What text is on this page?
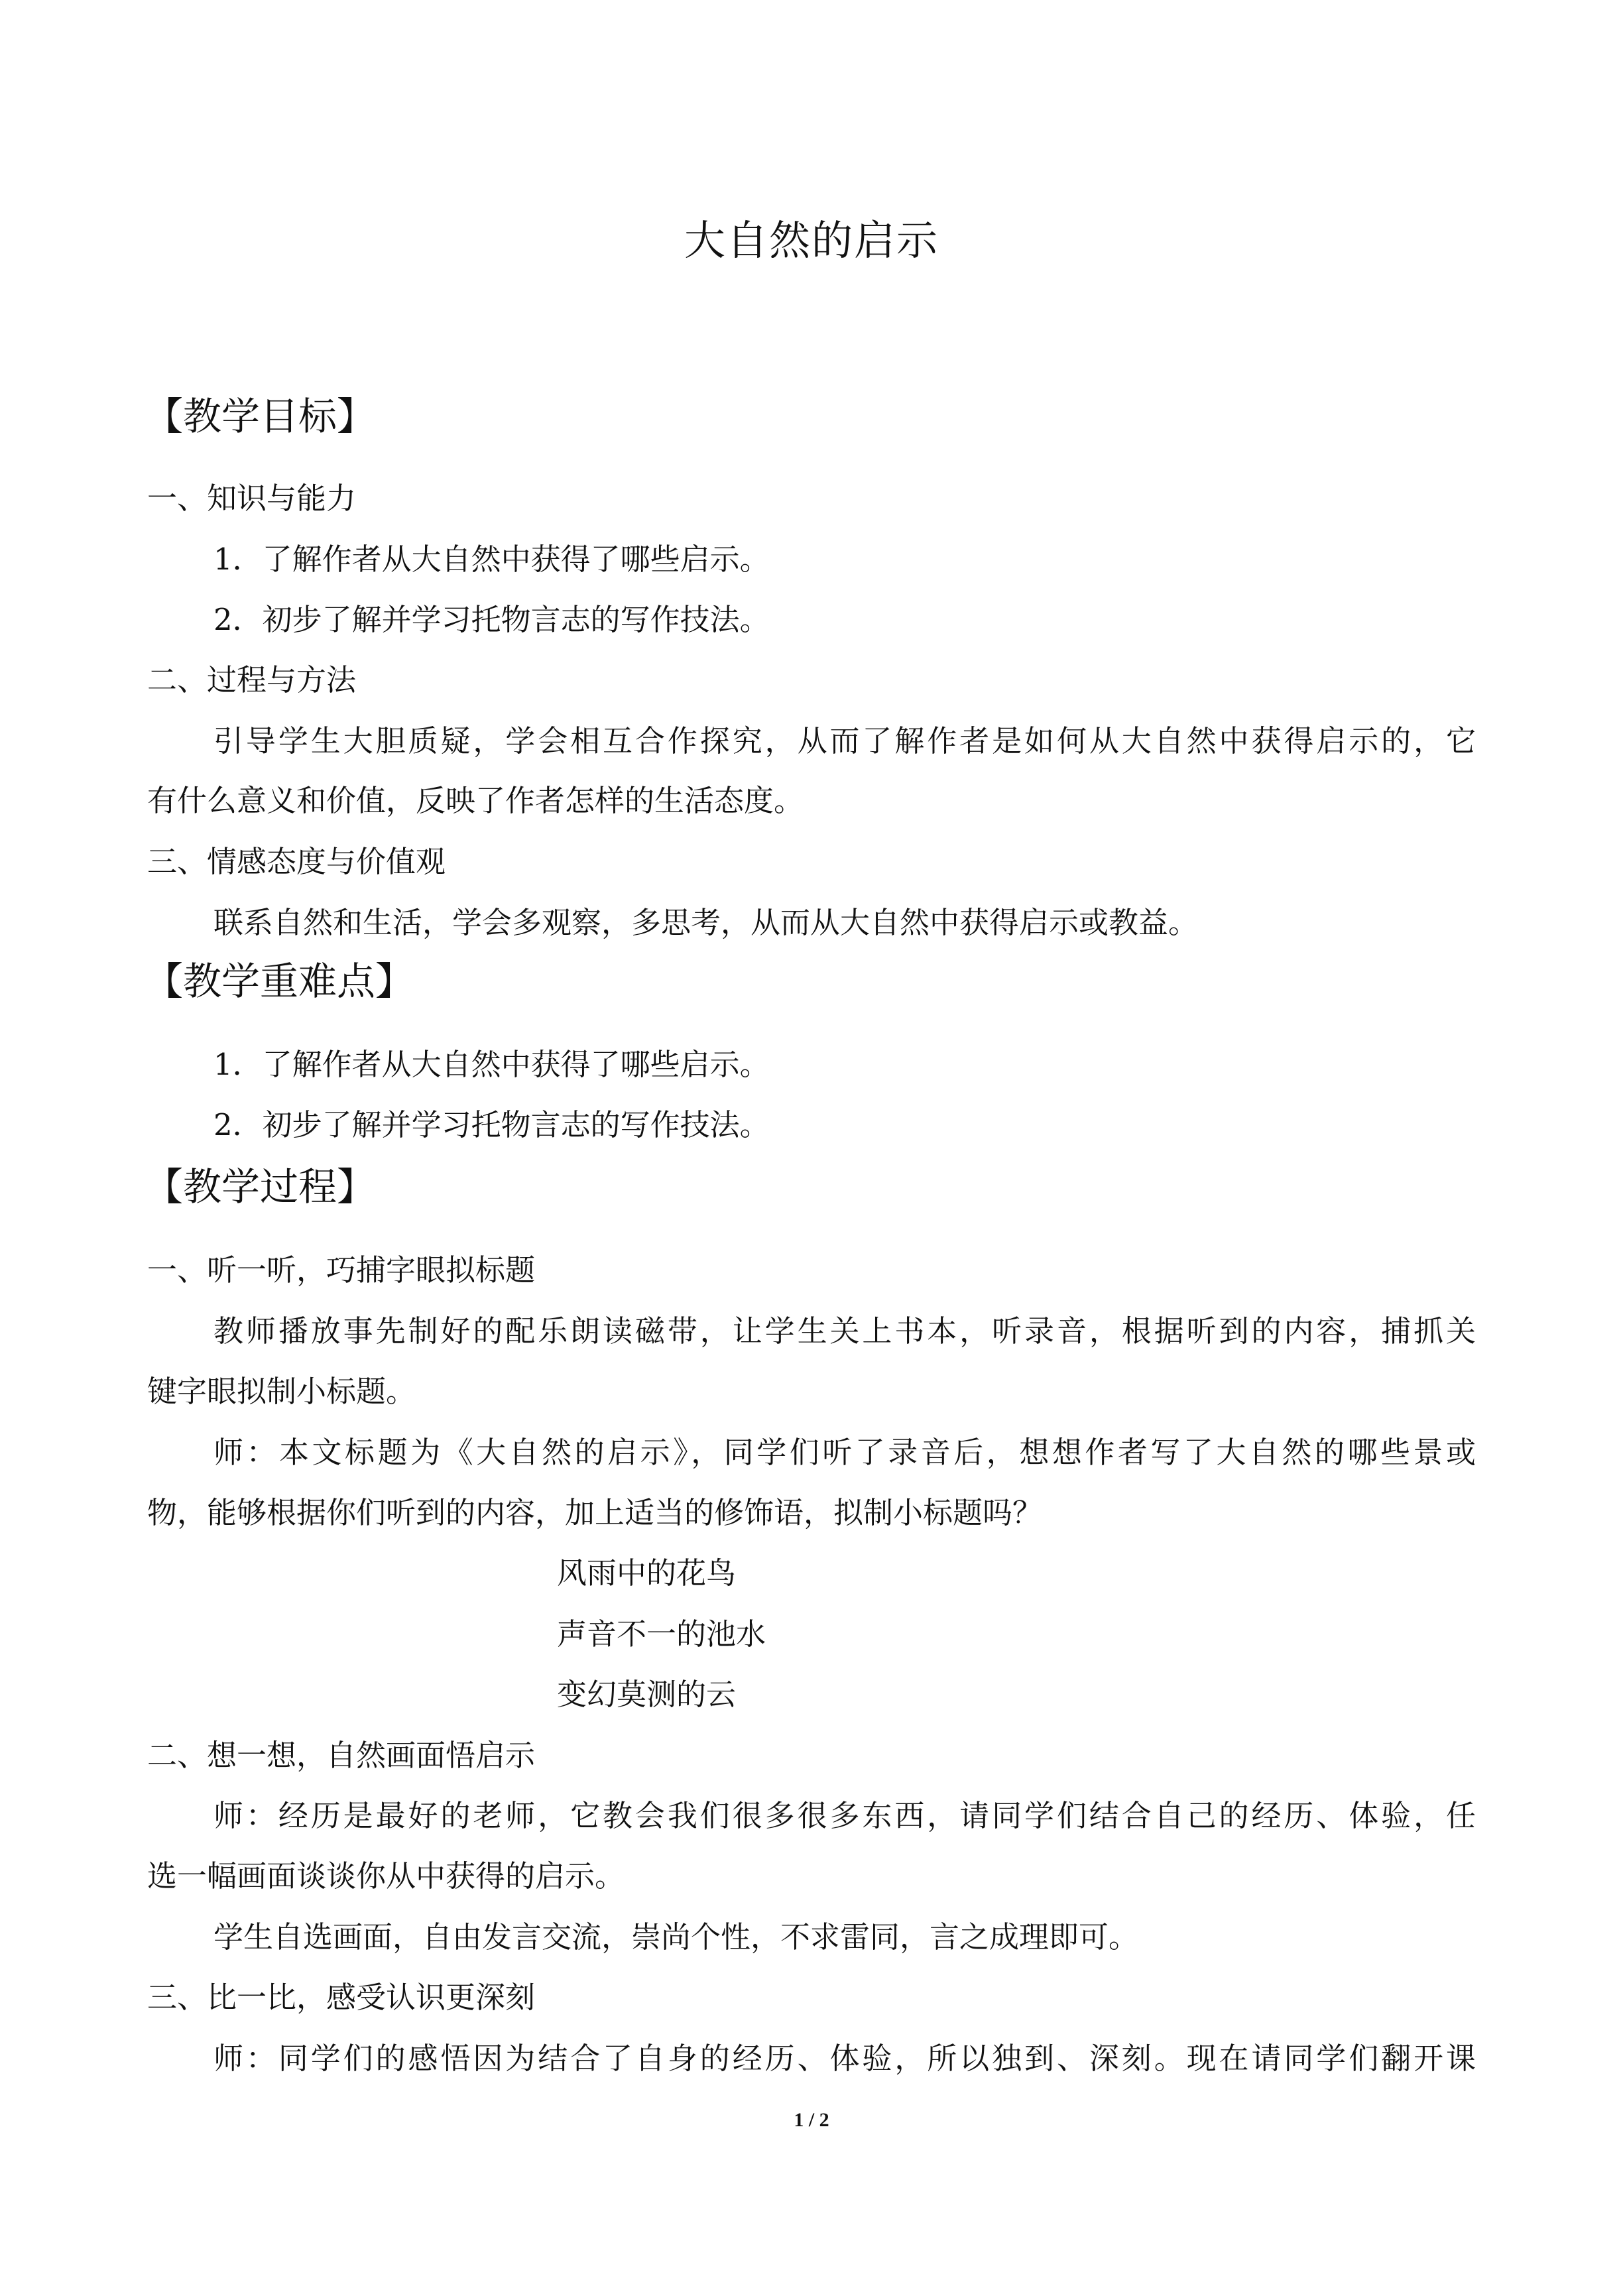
大自然的启示
【教学目标】
一、知识与能力
1．了解作者从大自然中获得了哪些启示。
2．初步了解并学习托物言志的写作技法。
二、过程与方法
引导学生大胆质疑，学会相互合作探究，从而了解作者是如何从大自然中获得启示的，它
有什么意义和价值，反映了作者怎样的生活态度。
三、情感态度与价值观
联系自然和生活，学会多观察，多思考，从而从大自然中获得启示或教益。
【教学重难点】
1．了解作者从大自然中获得了哪些启示。
2．初步了解并学习托物言志的写作技法。
【教学过程】
一、听一听，巧捕字眼拟标题
教师播放事先制好的配乐朗读磁带，让学生关上书本，听录音，根据听到的内容，捕抓关
键字眼拟制小标题。
师：本文标题为《大自然的启示》，同学们听了录音后，想想作者写了大自然的哪些景或
物，能够根据你们听到的内容，加上适当的修饰语，拟制小标题吗？
风雨中的花鸟
声音不一的池水
变幻莫测的云
二、想一想，自然画面悟启示
师：经历是最好的老师，它教会我们很多很多东西，请同学们结合自己的经历、体验，任
选一幅画面谈谈你从中获得的启示。
学生自选画面，自由发言交流，崇尚个性，不求雷同，言之成理即可。
三、比一比，感受认识更深刻
师：同学们的感悟因为结合了自身的经历、体验，所以独到、深刻。现在请同学们翻开课
1 / 2
